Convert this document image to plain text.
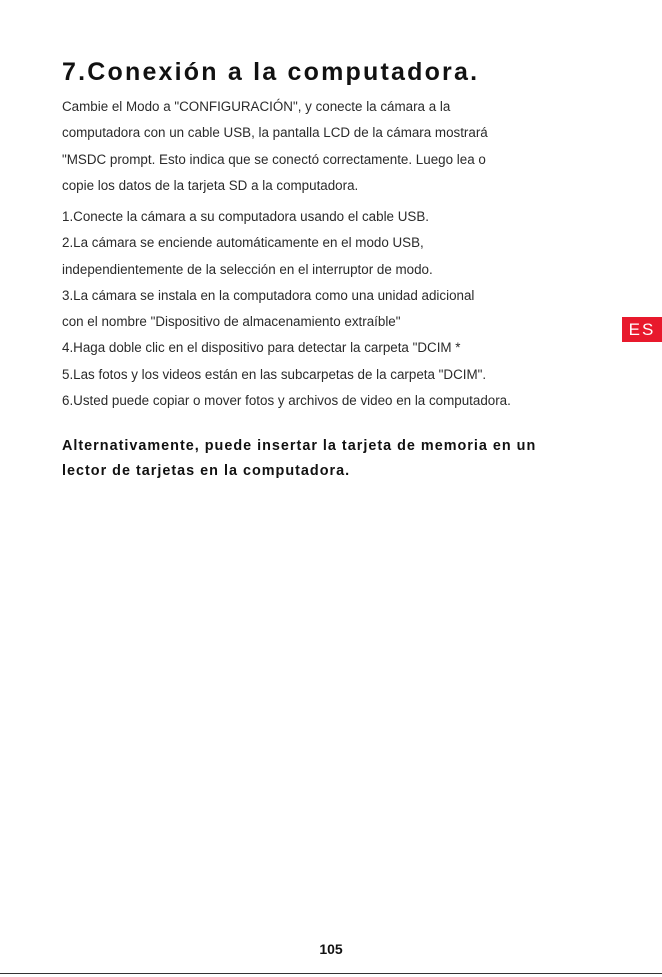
7.Conexión a la computadora.

Cambie el Modo a "CONFIGURACIÓN", y conecte la cámara a la
computadora con un cable USB, la pantalla LCD de la cámara mostrará
"MSDC prompt. Esto indica que se conectó correctamente. Luego lea o
copie los datos de la tarjeta SD a la computadora.

1.Conecte la cámara a su computadora usando el cable USB.
2.La cámara se enciende automáticamente en el modo USB,
independientemente de la selección en el interruptor de modo.
3.La cámara se instala en la computadora como una unidad adicional
con el nombre "Dispositivo de almacenamiento extraíble"
4.Haga doble clic en el dispositivo para detectar la carpeta "DCIM *
5.Las fotos y los videos están en las subcarpetas de la carpeta "DCIM".
6.Usted puede copiar o mover fotos y archivos de video en la computadora.

Alternativamente, puede insertar la tarjeta de memoria en un
lector de tarjetas en la computadora.

ES
105
